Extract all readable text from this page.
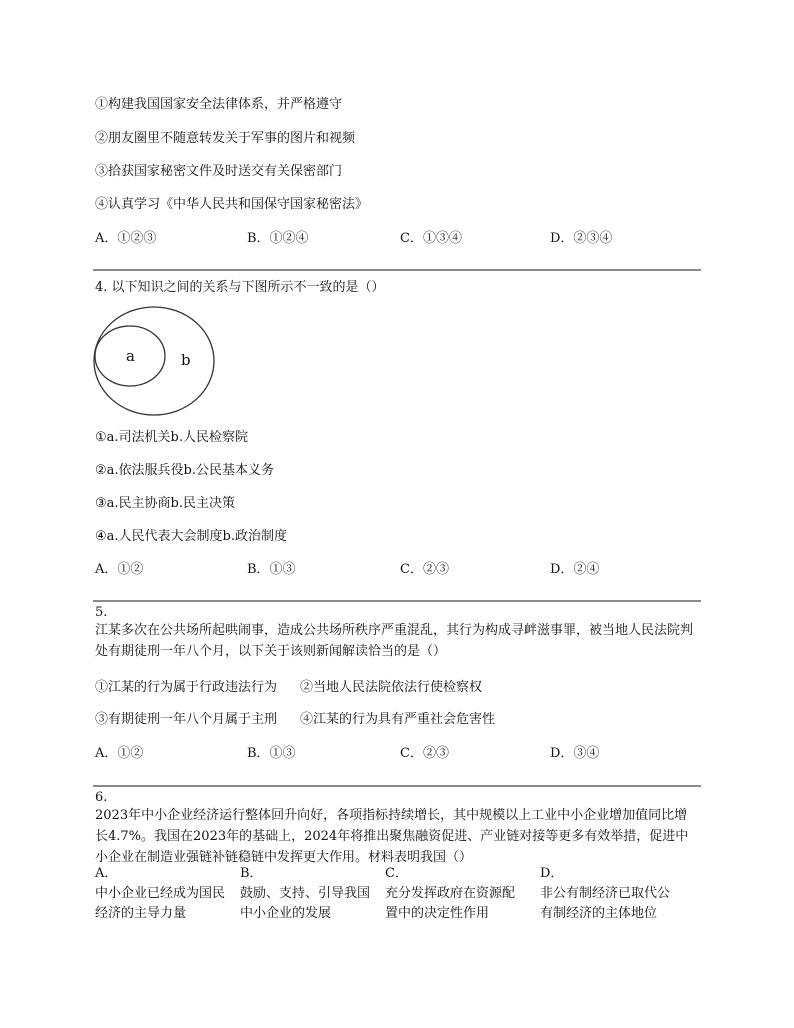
①构建我国国家安全法律体系，并严格遵守
②朋友圈里不随意转发关于军事的图片和视频
③拾获国家秘密文件及时送交有关保密部门
④认真学习《中华人民共和国保守国家秘密法》
A．①②③	B．①②④	C．①③④	D．②③④
4. 以下知识之间的关系与下图所示不一致的是（）
a	b
①a.司法机关b.人民检察院
②a.依法服兵役b.公民基本义务
③a.民主协商b.民主决策
④a.人民代表大会制度b.政治制度
A．①②	B．①③	C．②③	D．②④
5.
江某多次在公共场所起哄闹事，造成公共场所秩序严重混乱，其行为构成寻衅滋事罪，被当地人民法院判处有期徒刑一年八个月，以下关于该则新闻解读恰当的是（）
①江某的行为属于行政违法行为 ②当地人民法院依法行使检察权
③有期徒刑一年八个月属于主刑 ④江某的行为具有严重社会危害性
A．①②	B．①③	C．②③	D．③④
6.
2023年中小企业经济运行整体回升向好，各项指标持续增长，其中规模以上工业中小企业增加值同比增长4.7%。我国在2023年的基础上，2024年将推出聚焦融资促进、产业链对接等更多有效举措，促进中小企业在制造业强链补链稳链中发挥更大作用。材料表明我国（）
A．
中小企业已经成为国民经济的主导力量
B．
鼓励、支持、引导我国中小企业的发展
C．
充分发挥政府在资源配置中的决定性作用
D．
非公有制经济已取代公有制经济的主体地位
